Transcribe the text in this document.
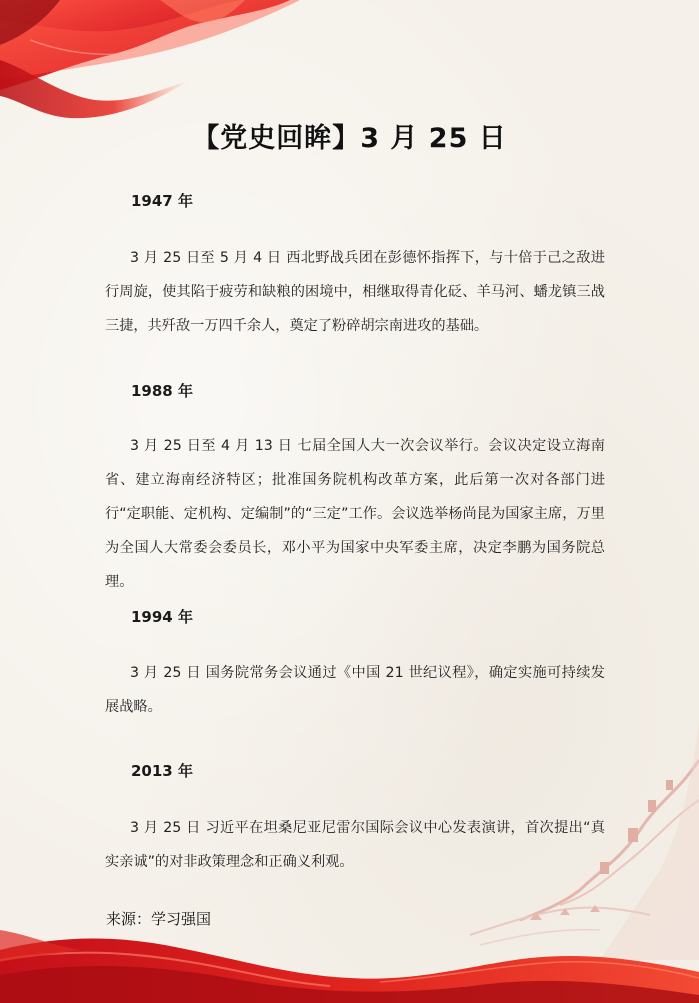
【党史回眸】3 月 25 日

1947 年

3 月 25 日至 5 月 4 日 西北野战兵团在彭德怀指挥下，与十倍于己之敌进行周旋，使其陷于疲劳和缺粮的困境中，相继取得青化砭、羊马河、蟠龙镇三战三捷，共歼敌一万四千余人，奠定了粉碎胡宗南进攻的基础。

1988 年

3 月 25 日至 4 月 13 日 七届全国人大一次会议举行。会议决定设立海南省、建立海南经济特区；批准国务院机构改革方案，此后第一次对各部门进行“定职能、定机构、定编制”的“三定”工作。会议选举杨尚昆为国家主席，万里为全国人大常委会委员长，邓小平为国家中央军委主席，决定李鹏为国务院总理。

1994 年

3 月 25 日 国务院常务会议通过《中国 21 世纪议程》，确定实施可持续发展战略。

2013 年

3 月 25 日 习近平在坦桑尼亚尼雷尔国际会议中心发表演讲，首次提出“真实亲诚”的对非政策理念和正确义利观。

来源：学习强国
